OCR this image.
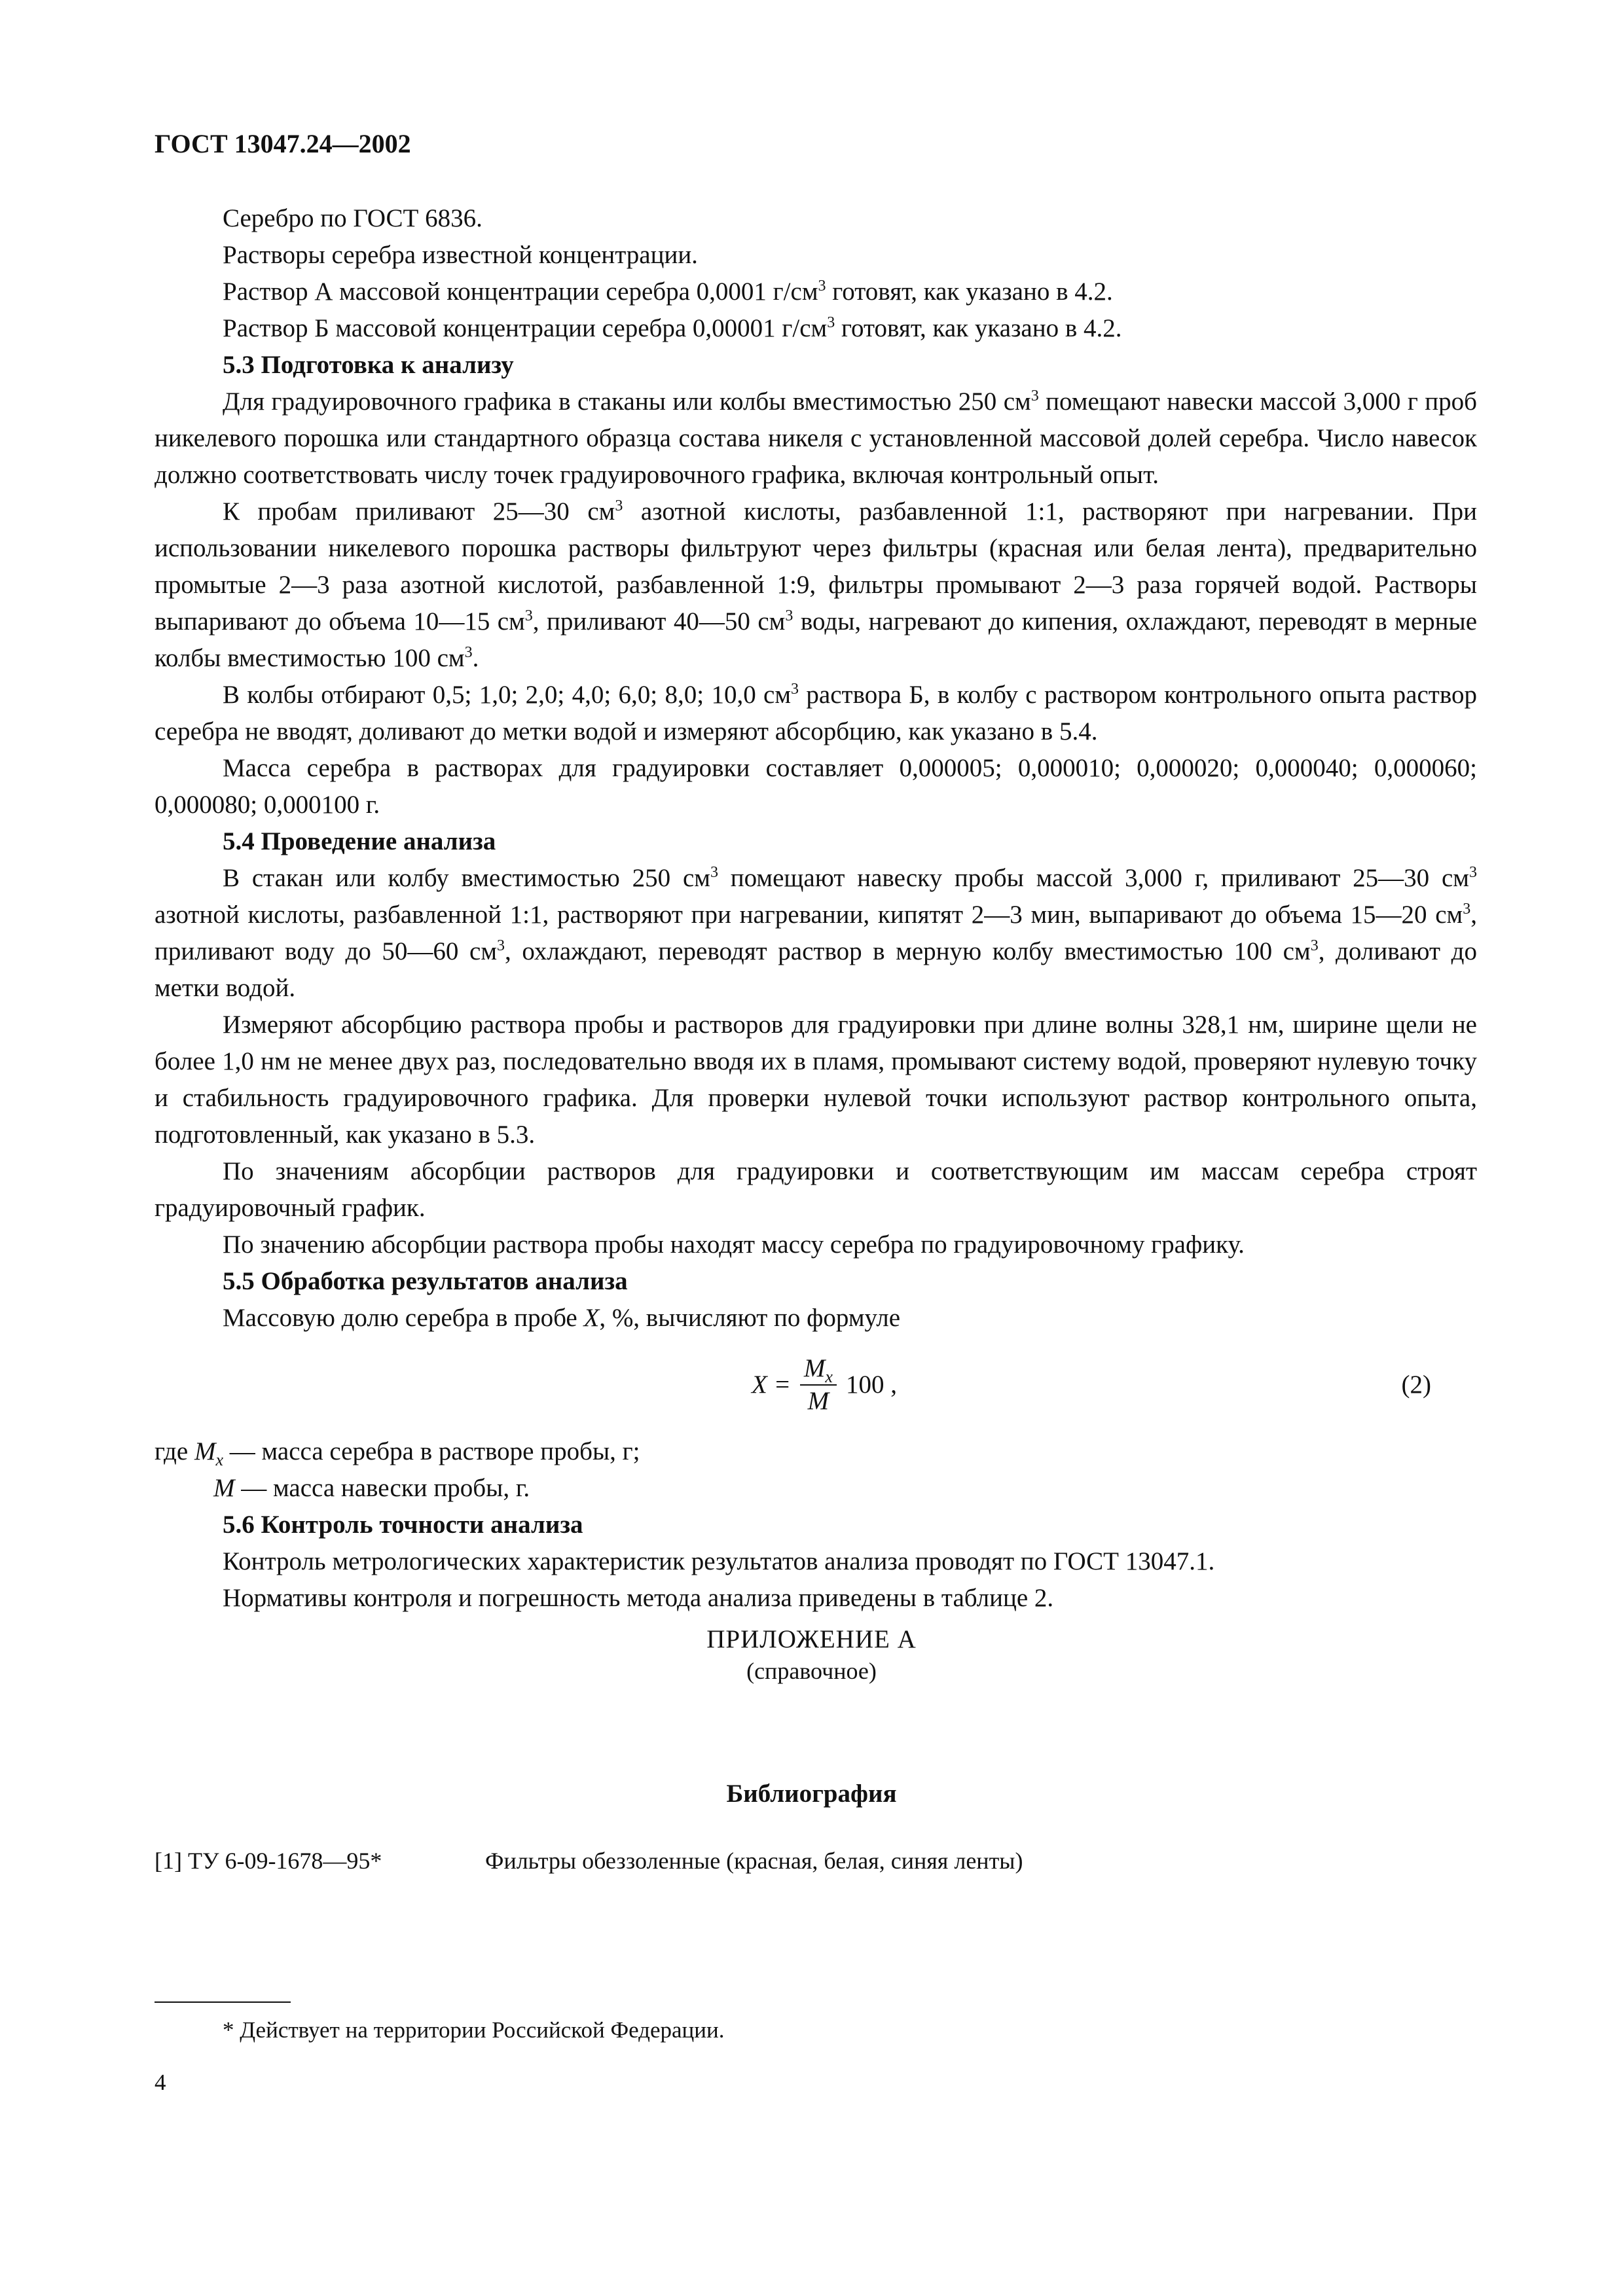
ГОСТ 13047.24—2002

Серебро по ГОСТ 6836.

Растворы серебра известной концентрации.

Раствор А массовой концентрации серебра 0,0001 $г/см^3$ готовят, как указано в 4.2.

Раствор Б массовой концентрации серебра 0,00001 $г/см^3$ готовят, как указано в 4.2.

5.3 Подготовка к анализу

Для градуировочного графика в стаканы или колбы вместимостью 250 $см^3$ помещают навески массой 3,000 г проб никелевого порошка или стандартного образца состава никеля с установленной массовой долей серебра. Число навесок должно соответствовать числу точек градуировочного графика, включая контрольный опыт.

К пробам приливают 25—30 $см^3$ азотной кислоты, разбавленной 1:1, растворяют при нагревании. При использовании никелевого порошка растворы фильтруют через фильтры (красная или белая лента), предварительно промытые 2—3 раза азотной кислотой, разбавленной 1:9, фильтры промывают 2—3 раза горячей водой. Растворы выпаривают до объема 10—15 $см^3$, приливают 40—50 $см^3$ воды, нагревают до кипения, охлаждают, переводят в мерные колбы вместимостью 100 $см^3$.

В колбы отбирают 0,5; 1,0; 2,0; 4,0; 6,0; 8,0; 10,0 $см^3$ раствора Б, в колбу с раствором контрольного опыта раствор серебра не вводят, доливают до метки водой и измеряют абсорбцию, как указано в 5.4.

Масса серебра в растворах для градуировки составляет 0,000005; 0,000010; 0,000020; 0,000040; 0,000060; 0,000080; 0,000100 г.

5.4 Проведение анализа

В стакан или колбу вместимостью 250 $см^3$ помещают навеску пробы массой 3,000 г, приливают 25—30 $см^3$ азотной кислоты, разбавленной 1:1, растворяют при нагревании, кипятят 2—3 мин, выпаривают до объема 15—20 $см^3$, приливают воду до 50—60 $см^3$, охлаждают, переводят раствор в мерную колбу вместимостью 100 $см^3$, доливают до метки водой.

Измеряют абсорбцию раствора пробы и растворов для градуировки при длине волны 328,1 нм, ширине щели не более 1,0 нм не менее двух раз, последовательно вводя их в пламя, промывают систему водой, проверяют нулевую точку и стабильность градуировочного графика. Для проверки нулевой точки используют раствор контрольного опыта, подготовленный, как указано в 5.3.

По значениям абсорбции растворов для градуировки и соответствующим им массам серебра строят градуировочный график.

По значению абсорбции раствора пробы находят массу серебра по градуировочному графику.

5.5 Обработка результатов анализа

Массовую долю серебра в пробе X, %, вычисляют по формуле

$X = \frac{M_x}{M} 100$ ,	(2)
где $M_x$ — масса серебра в растворе пробы, г;
M — масса навески пробы, г.
5.6 Контроль точности анализа

Контроль метрологических характеристик результатов анализа проводят по ГОСТ 13047.1.

Нормативы контроля и погрешность метода анализа приведены в таблице 2.

ПРИЛОЖЕНИЕ А
(справочное)
Библиография
[1] ТУ 6-09-1678—95*	Фильтры обеззоленные (красная, белая, синяя ленты)
* Действует на территории Российской Федерации.
4
